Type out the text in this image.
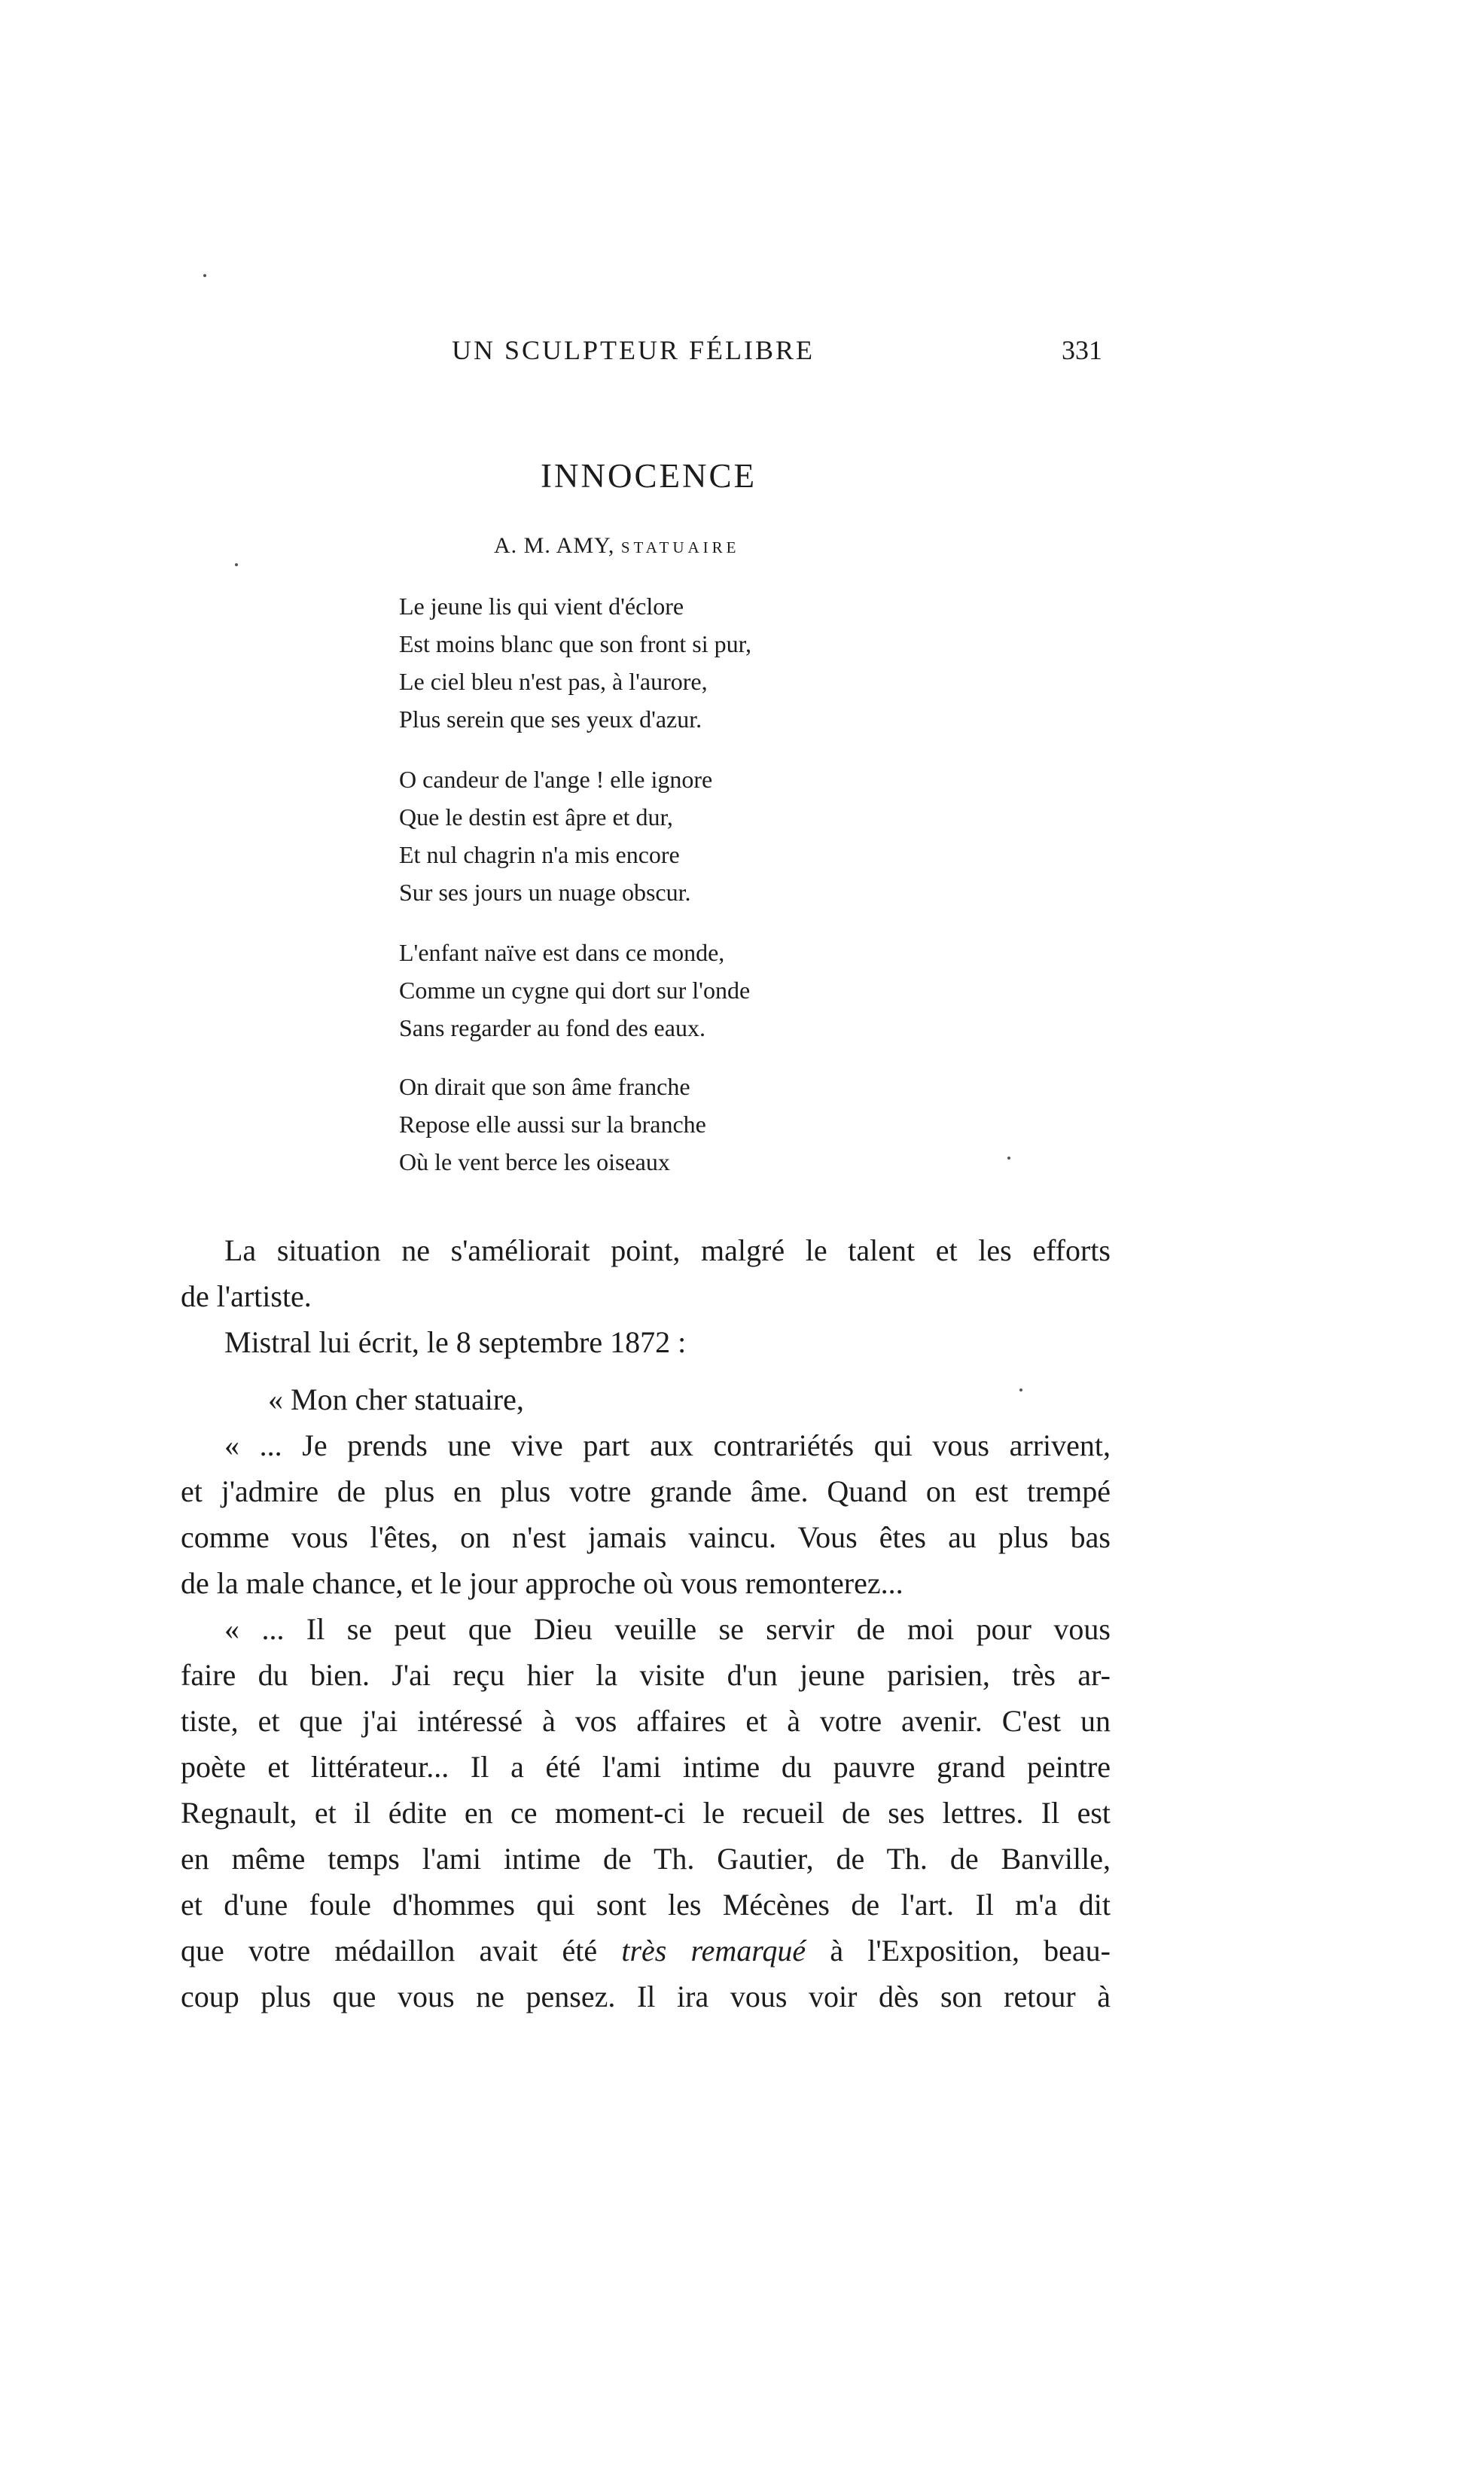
UN SCULPTEUR FÉLIBRE	331
INNOCENCE
A. M. AMY, STATUAIRE
Le jeune lis qui vient d'éclore
Est moins blanc que son front si pur,
Le ciel bleu n'est pas, à l'aurore,
Plus serein que ses yeux d'azur.
O candeur de l'ange ! elle ignore
Que le destin est âpre et dur,
Et nul chagrin n'a mis encore
Sur ses jours un nuage obscur.
L'enfant naïve est dans ce monde,
Comme un cygne qui dort sur l'onde
Sans regarder au fond des eaux.
On dirait que son âme franche
Repose elle aussi sur la branche
Où le vent berce les oiseaux
La situation ne s'améliorait point, malgré le talent et les efforts
de l'artiste.
Mistral lui écrit, le 8 septembre 1872 :
« Mon cher statuaire,
« ... Je prends une vive part aux contrariétés qui vous arrivent,
et j'admire de plus en plus votre grande âme. Quand on est trempé
comme vous l'êtes, on n'est jamais vaincu. Vous êtes au plus bas
de la male chance, et le jour approche où vous remonterez...
« ... Il se peut que Dieu veuille se servir de moi pour vous
faire du bien. J'ai reçu hier la visite d'un jeune parisien, très ar-
tiste, et que j'ai intéressé à vos affaires et à votre avenir. C'est un
poète et littérateur... Il a été l'ami intime du pauvre grand peintre
Regnault, et il édite en ce moment-ci le recueil de ses lettres. Il est
en même temps l'ami intime de Th. Gautier, de Th. de Banville,
et d'une foule d'hommes qui sont les Mécènes de l'art. Il m'a dit
que votre médaillon avait été très remarqué à l'Exposition, beau-
coup plus que vous ne pensez. Il ira vous voir dès son retour à
